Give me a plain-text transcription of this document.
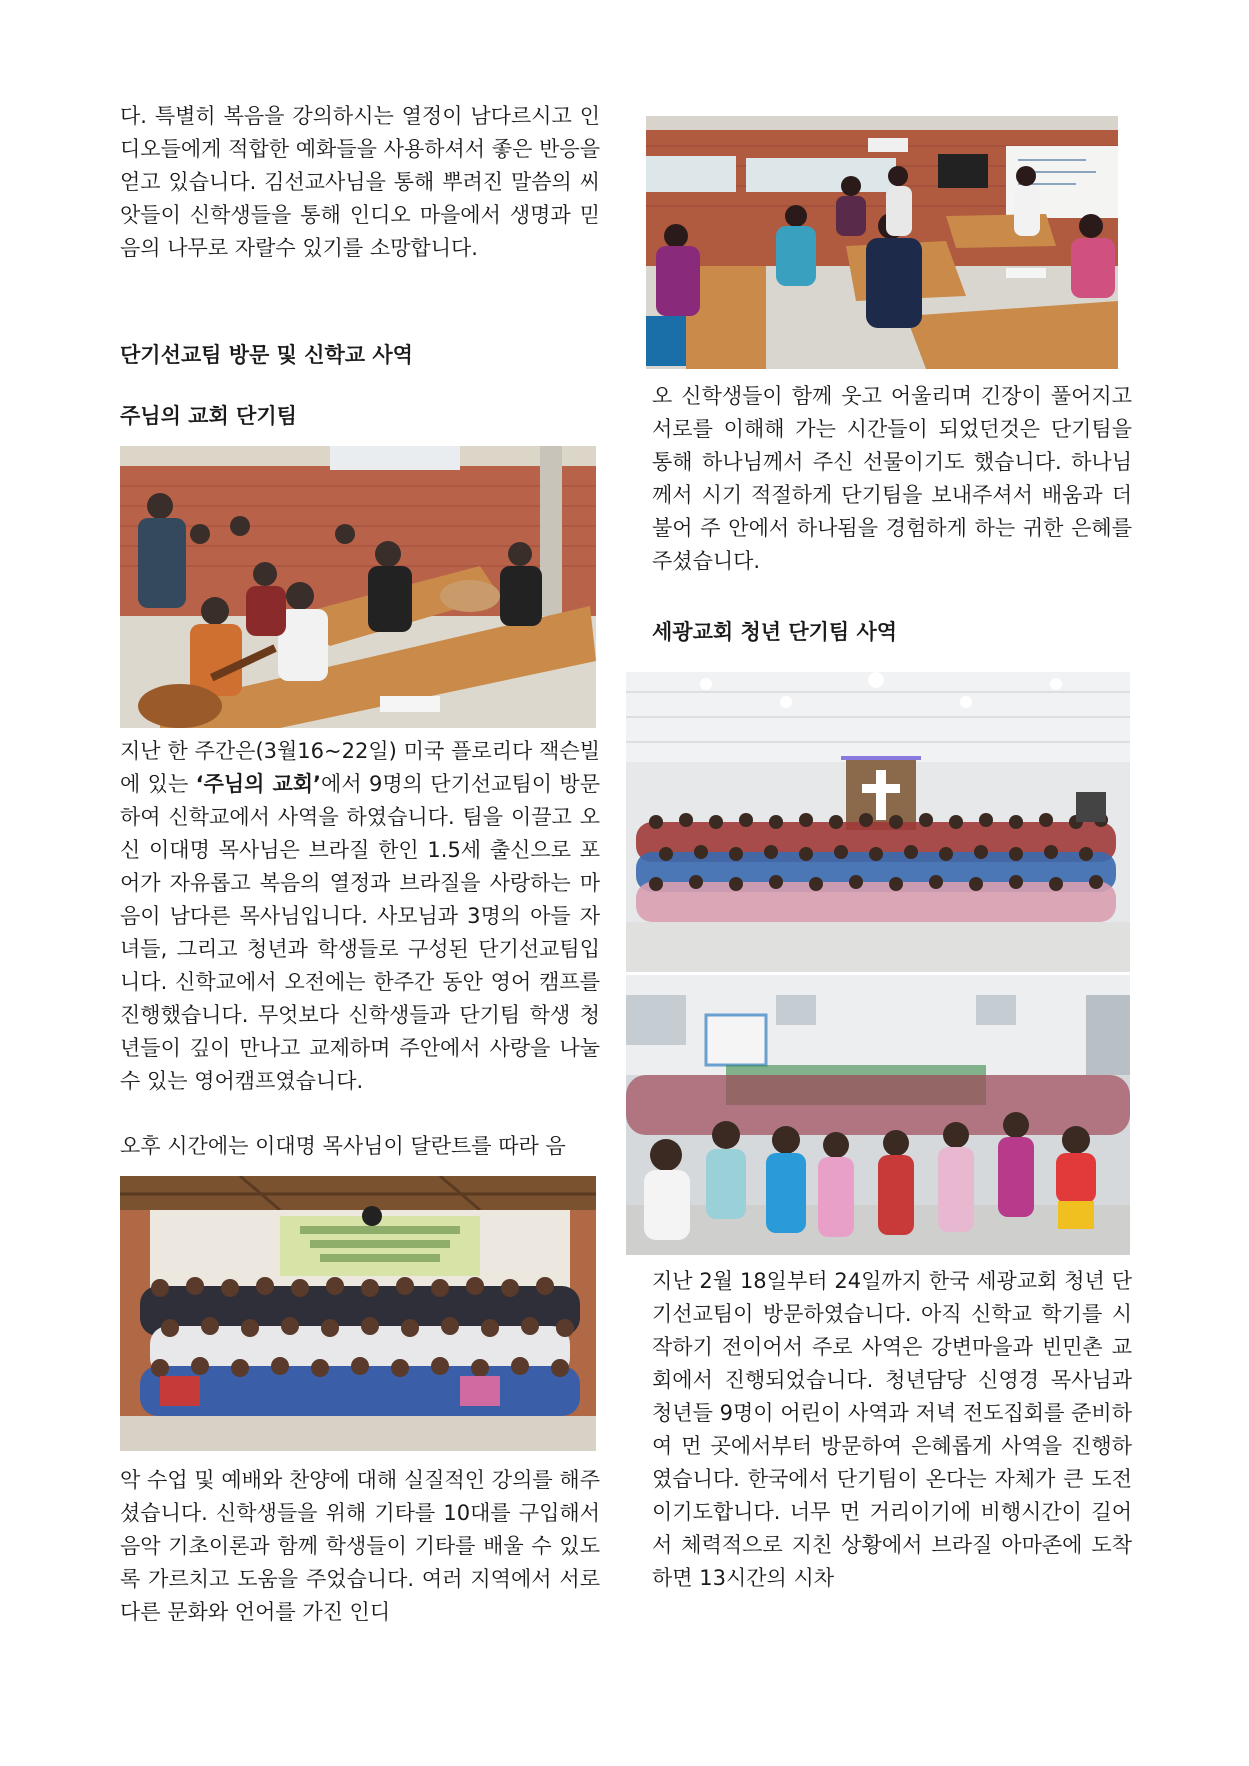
다. 특별히 복음을 강의하시는 열정이 남다르시고 인디오들에게 적합한 예화들을 사용하셔서 좋은 반응을 얻고 있습니다. 김선교사님을 통해 뿌려진 말씀의 씨앗들이 신학생들을 통해 인디오 마을에서 생명과 믿음의 나무로 자랄수 있기를 소망합니다.

단기선교팀 방문 및 신학교 사역
주님의 교회 단기팀

지난 한 주간은(3월16~22일) 미국 플로리다 잭슨빌에 있는 ‘주님의 교회’에서 9명의 단기선교팀이 방문하여 신학교에서 사역을 하였습니다. 팀을 이끌고 오신 이대명 목사님은 브라질 한인 1.5세 출신으로 포어가 자유롭고 복음의 열정과 브라질을 사랑하는 마음이 남다른 목사님입니다. 사모님과 3명의 아들 자녀들, 그리고 청년과 학생들로 구성된 단기선교팀입니다. 신학교에서 오전에는 한주간 동안 영어 캠프를 진행했습니다. 무엇보다 신학생들과 단기팀 학생 청년들이 깊이 만나고 교제하며 주안에서 사랑을 나눌수 있는 영어캠프였습니다.

오후 시간에는 이대명 목사님이 달란트를 따라 음

악 수업 및 예배와 찬양에 대해 실질적인 강의를 해주셨습니다. 신학생들을 위해 기타를 10대를 구입해서 음악 기초이론과 함께 학생들이 기타를 배울 수 있도록 가르치고 도움을 주었습니다. 여러 지역에서 서로다른 문화와 언어를 가진 인디

오 신학생들이 함께 웃고 어울리며 긴장이 풀어지고 서로를 이해해 가는 시간들이 되었던것은 단기팀을 통해 하나님께서 주신 선물이기도 했습니다. 하나님께서 시기 적절하게 단기팀을 보내주셔서 배움과 더불어 주 안에서 하나됨을 경험하게 하는 귀한 은혜를 주셨습니다.

세광교회 청년 단기팀 사역

지난 2월 18일부터 24일까지 한국 세광교회 청년 단기선교팀이 방문하였습니다. 아직 신학교 학기를 시작하기 전이어서 주로 사역은 강변마을과 빈민촌 교회에서 진행되었습니다. 청년담당 신영경 목사님과 청년들 9명이 어린이 사역과 저녁 전도집회를 준비하여 먼 곳에서부터 방문하여 은혜롭게 사역을 진행하였습니다. 한국에서 단기팀이 온다는 자체가 큰 도전이기도합니다. 너무 먼 거리이기에 비행시간이 길어서 체력적으로 지친 상황에서 브라질 아마존에 도착하면 13시간의 시차
